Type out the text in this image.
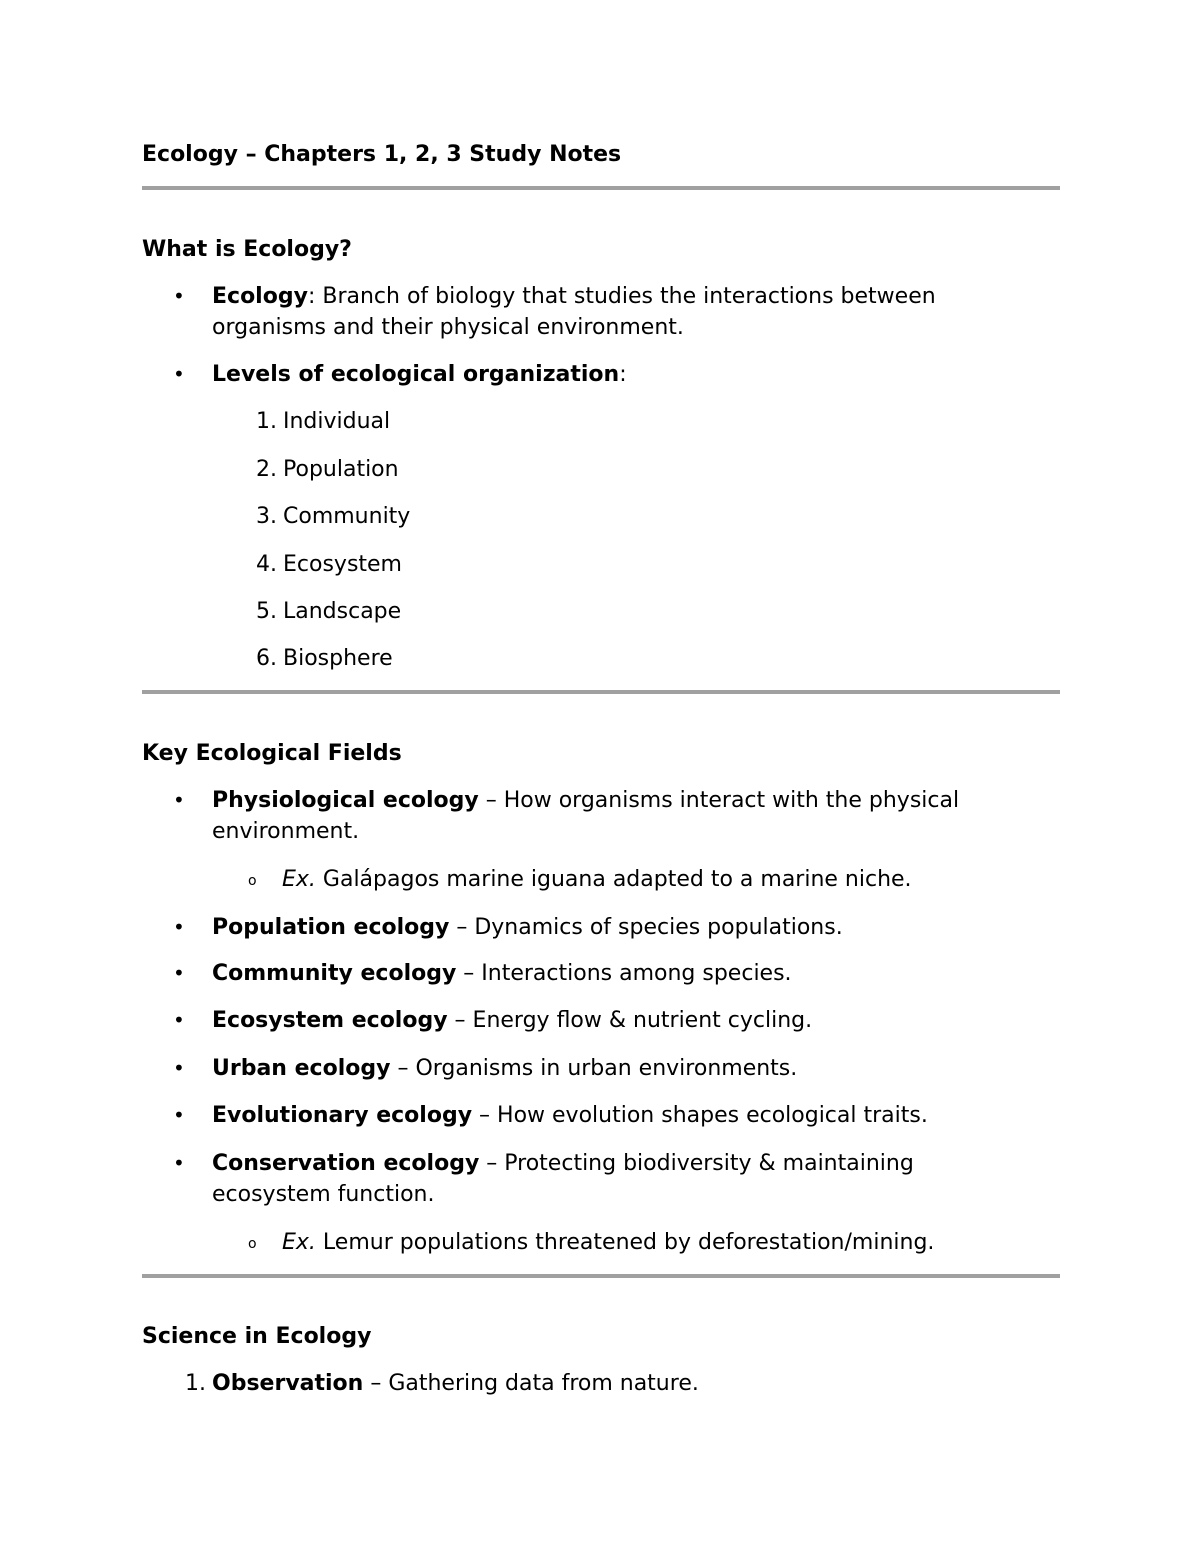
Ecology – Chapters 1, 2, 3 Study Notes
What is Ecology?
• Ecology: Branch of biology that studies the interactions between organisms and their physical environment.
• Levels of ecological organization:
1. Individual
2. Population
3. Community
4. Ecosystem
5. Landscape
6. Biosphere
Key Ecological Fields
• Physiological ecology – How organisms interact with the physical environment.
o Ex. Galápagos marine iguana adapted to a marine niche.
• Population ecology – Dynamics of species populations.
• Community ecology – Interactions among species.
• Ecosystem ecology – Energy flow & nutrient cycling.
• Urban ecology – Organisms in urban environments.
• Evolutionary ecology – How evolution shapes ecological traits.
• Conservation ecology – Protecting biodiversity & maintaining ecosystem function.
o Ex. Lemur populations threatened by deforestation/mining.
Science in Ecology
1. Observation – Gathering data from nature.
